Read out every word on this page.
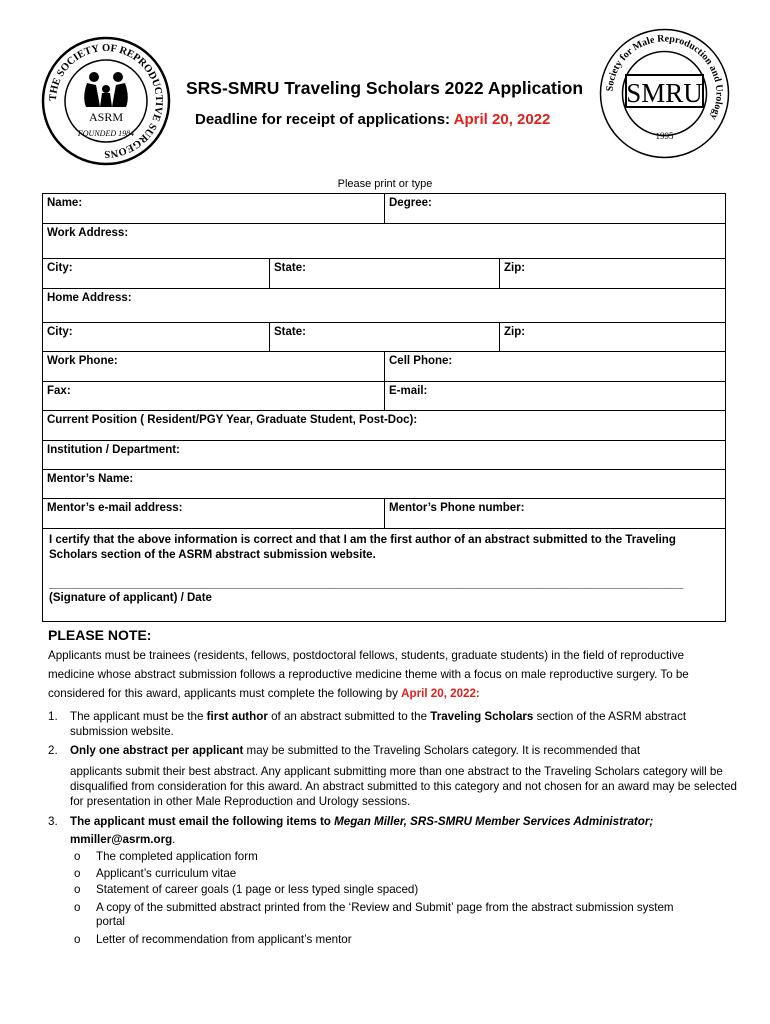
THE SOCIETY OF REPRODUCTIVE SURGEONS
ASRM
FOUNDED 1984
Society for Male Reproduction and Urology
SMRU
1995
SRS-SMRU Traveling Scholars 2022 Application
Deadline for receipt of applications: April 20, 2022
Please print or type
Name:	Degree:
Work Address:
City:	State:	Zip:
Home Address:
City:	State:	Zip:
Work Phone:	Cell Phone:
Fax:	E-mail:
Current Position ( Resident/PGY Year, Graduate Student, Post-Doc):
Institution / Department:
Mentor’s Name:
Mentor’s e-mail address:	Mentor’s Phone number:
I certify that the above information is correct and that I am the first author of an abstract submitted to the Traveling Scholars section of the ASRM abstract submission website.
________________________________________________________________________________________________________
(Signature of applicant) / Date
PLEASE NOTE:
Applicants must be trainees (residents, fellows, postdoctoral fellows, students, graduate students) in the field of reproductive medicine whose abstract submission follows a reproductive medicine theme with a focus on male reproductive surgery. To be considered for this award, applicants must complete the following by April 20, 2022:
1. The applicant must be the first author of an abstract submitted to the Traveling Scholars section of the ASRM abstract submission website.
2. Only one abstract per applicant may be submitted to the Traveling Scholars category. It is recommended that
applicants submit their best abstract. Any applicant submitting more than one abstract to the Traveling Scholars category will be disqualified from consideration for this award. An abstract submitted to this category and not chosen for an award may be selected for presentation in other Male Reproduction and Urology sessions.
3. The applicant must email the following items to Megan Miller, SRS-SMRU Member Services Administrator;
mmiller@asrm.org.
o The completed application form
o Applicant’s curriculum vitae
o Statement of career goals (1 page or less typed single spaced)
o A copy of the submitted abstract printed from the ‘Review and Submit’ page from the abstract submission system portal
o Letter of recommendation from applicant’s mentor
